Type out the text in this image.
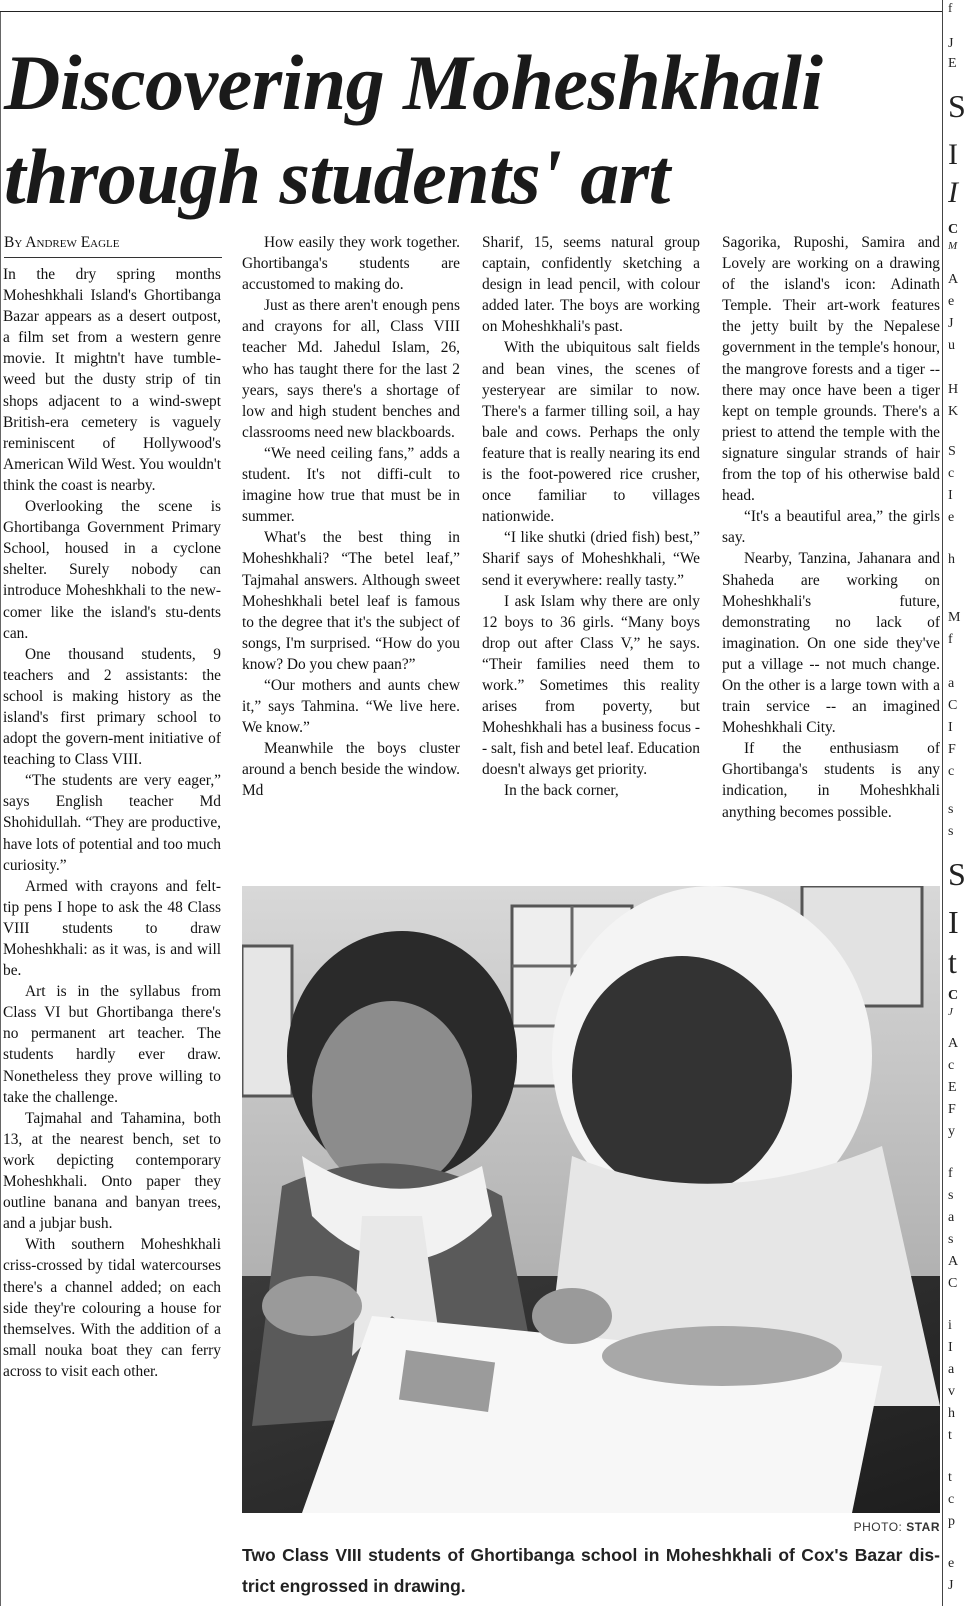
Discovering Moheshkhali
through students' art
By Andrew Eagle

In the dry spring months Moheshkhali Island's Ghortibanga Bazar appears as a desert outpost, a film set from a western genre movie. It mightn't have tumble-weed but the dusty strip of tin shops adjacent to a wind-swept British-era cemetery is vaguely reminiscent of Hollywood's American Wild West. You wouldn't think the coast is nearby.

Overlooking the scene is Ghortibanga Government Primary School, housed in a cyclone shelter. Surely nobody can introduce Moheshkhali to the new-comer like the island's stu-dents can.

One thousand students, 9 teachers and 2 assistants: the school is making history as the island's first primary school to adopt the govern-ment initiative of teaching to Class VIII.

“The students are very eager,” says English teacher Md Shohidullah. “They are productive, have lots of potential and too much curiosity.”

Armed with crayons and felt-tip pens I hope to ask the 48 Class VIII students to draw Moheshkhali: as it was, is and will be.

Art is in the syllabus from Class VI but Ghortibanga there's no permanent art teacher. The students hardly ever draw. Nonetheless they prove willing to take the challenge.

Tajmahal and Tahamina, both 13, at the nearest bench, set to work depicting contemporary Moheshkhali. Onto paper they outline banana and banyan trees, and a jubjar bush.

With southern Moheshkhali criss-crossed by tidal watercourses there's a channel added; on each side they're colouring a house for themselves. With the addition of a small nouka boat they can ferry across to visit each other.

How easily they work together. Ghortibanga's students are accustomed to making do.

Just as there aren't enough pens and crayons for all, Class VIII teacher Md. Jahedul Islam, 26, who has taught there for the last 2 years, says there's a shortage of low and high student benches and classrooms need new blackboards.

“We need ceiling fans,” adds a student. It's not diffi-cult to imagine how true that must be in summer.

What's the best thing in Moheshkhali? “The betel leaf,” Tajmahal answers. Although sweet Moheshkhali betel leaf is famous to the degree that it's the subject of songs, I'm surprised. “How do you know? Do you chew paan?”

“Our mothers and aunts chew it,” says Tahmina. “We live here. We know.”

Meanwhile the boys cluster around a bench beside the window. Md

Sharif, 15, seems natural group captain, confidently sketching a design in lead pencil, with colour added later. The boys are working on Moheshkhali's past.

With the ubiquitous salt fields and bean vines, the scenes of yesteryear are similar to now. There's a farmer tilling soil, a hay bale and cows. Perhaps the only feature that is really nearing its end is the foot-powered rice crusher, once familiar to villages nationwide.

“I like shutki (dried fish) best,” Sharif says of Moheshkhali, “We send it everywhere: really tasty.”

I ask Islam why there are only 12 boys to 36 girls. “Many boys drop out after Class V,” he says. “Their families need them to work.” Sometimes this reality arises from poverty, but Moheshkhali has a business focus -- salt, fish and betel leaf. Education doesn't always get priority.

In the back corner,

Sagorika, Ruposhi, Samira and Lovely are working on a drawing of the island's icon: Adinath Temple. Their art-work features the jetty built by the Nepalese government in the temple's honour, the mangrove forests and a tiger -- there may once have been a tiger kept on temple grounds. There's a priest to attend the temple with the signature singular strands of hair from the top of his otherwise bald head.

“It's a beautiful area,” the girls say.

Nearby, Tanzina, Jahanara and Shaheda are working on Moheshkhali's future, demonstrating no lack of imagination. On one side they've put a village -- not much change. On the other is a large town with a train service -- an imagined Moheshkhali City.

If the enthusiasm of Ghortibanga's students is any indication, in Moheshkhali anything becomes possible.

PHOTO: STAR

Two Class VIII students of Ghortibanga school in Moheshkhali of Cox's Bazar dis-trict engrossed in drawing.

f
J
E
S
I
I
C
M
A
e
J
u
H
K
S
c
I
e
h
M
f
a
C
I
F
c
s
s
S
I
t
C
J
A
c
E
F
y
f
s
a
s
A
C
i
I
a
v
h
t
t
c
p
e
J
